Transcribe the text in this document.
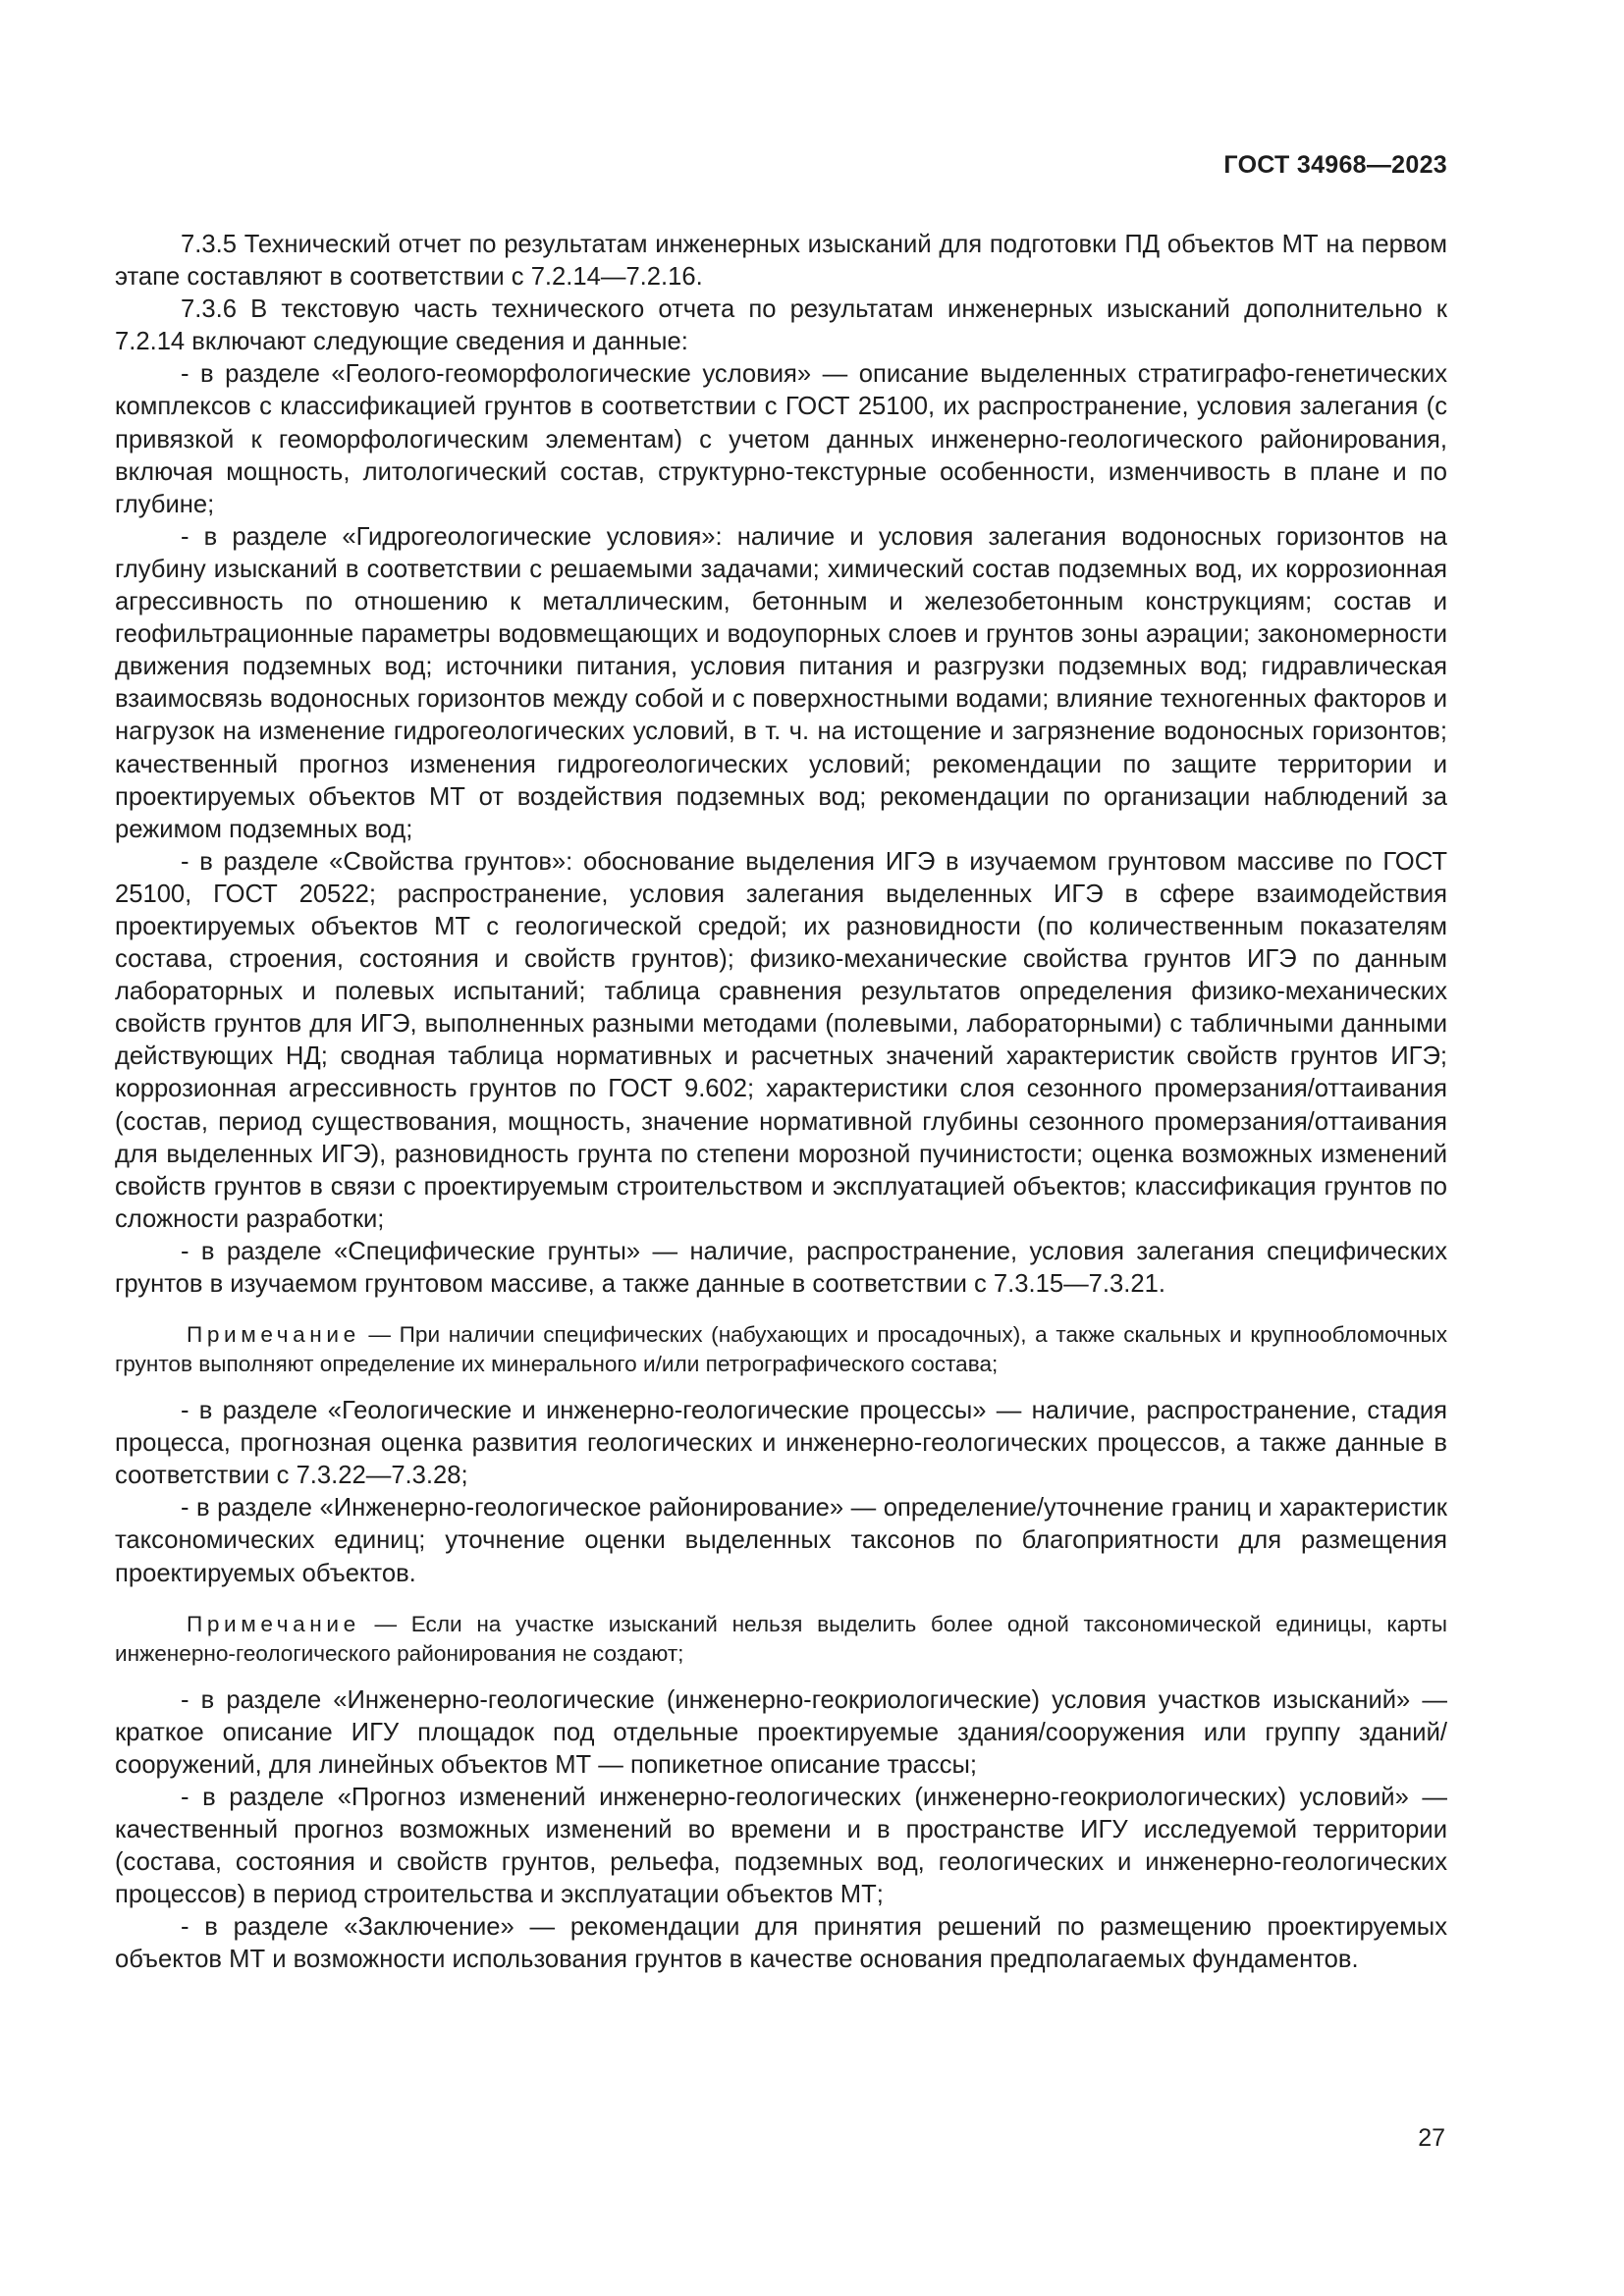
ГОСТ 34968—2023

7.3.5 Технический отчет по результатам инженерных изысканий для подготовки ПД объектов МТ на первом этапе составляют в соответствии с 7.2.14—7.2.16.

7.3.6 В текстовую часть технического отчета по результатам инженерных изысканий дополнительно к 7.2.14 включают следующие сведения и данные:

- в разделе «Геолого-геоморфологические условия» — описание выделенных стратиграфо-генетических комплексов с классификацией грунтов в соответствии с ГОСТ 25100, их распространение, условия залегания (с привязкой к геоморфологическим элементам) с учетом данных инженерно-геологического районирования, включая мощность, литологический состав, структурно-текстурные особенности, изменчивость в плане и по глубине;

- в разделе «Гидрогеологические условия»: наличие и условия залегания водоносных горизонтов на глубину изысканий в соответствии с решаемыми задачами; химический состав подземных вод, их коррозионная агрессивность по отношению к металлическим, бетонным и железобетонным конструкциям; состав и геофильтрационные параметры водовмещающих и водоупорных слоев и грунтов зоны аэрации; закономерности движения подземных вод; источники питания, условия питания и разгрузки подземных вод; гидравлическая взаимосвязь водоносных горизонтов между собой и с поверхностными водами; влияние техногенных факторов и нагрузок на изменение гидрогеологических условий, в т. ч. на истощение и загрязнение водоносных горизонтов; качественный прогноз изменения гидрогеологических условий; рекомендации по защите территории и проектируемых объектов МТ от воздействия подземных вод; рекомендации по организации наблюдений за режимом подземных вод;

- в разделе «Свойства грунтов»: обоснование выделения ИГЭ в изучаемом грунтовом массиве по ГОСТ 25100, ГОСТ 20522; распространение, условия залегания выделенных ИГЭ в сфере взаимодействия проектируемых объектов МТ с геологической средой; их разновидности (по количественным показателям состава, строения, состояния и свойств грунтов); физико-механические свойства грунтов ИГЭ по данным лабораторных и полевых испытаний; таблица сравнения результатов определения физико-механических свойств грунтов для ИГЭ, выполненных разными методами (полевыми, лабораторными) с табличными данными действующих НД; сводная таблица нормативных и расчетных значений характеристик свойств грунтов ИГЭ; коррозионная агрессивность грунтов по ГОСТ 9.602; характеристики слоя сезонного промерзания/оттаивания (состав, период существования, мощность, значение нормативной глубины сезонного промерзания/оттаивания для выделенных ИГЭ), разновидность грунта по степени морозной пучинистости; оценка возможных изменений свойств грунтов в связи с проектируемым строительством и эксплуатацией объектов; классификация грунтов по сложности разработки;

- в разделе «Специфические грунты» — наличие, распространение, условия залегания специфических грунтов в изучаемом грунтовом массиве, а также данные в соответствии с 7.3.15—7.3.21.

Примечание — При наличии специфических (набухающих и просадочных), а также скальных и крупнообломочных грунтов выполняют определение их минерального и/или петрографического состава;

- в разделе «Геологические и инженерно-геологические процессы» — наличие, распространение, стадия процесса, прогнозная оценка развития геологических и инженерно-геологических процессов, а также данные в соответствии с 7.3.22—7.3.28;

- в разделе «Инженерно-геологическое районирование» — определение/уточнение границ и характеристик таксономических единиц; уточнение оценки выделенных таксонов по благоприятности для размещения проектируемых объектов.

Примечание — Если на участке изысканий нельзя выделить более одной таксономической единицы, карты инженерно-геологического районирования не создают;

- в разделе «Инженерно-геологические (инженерно-геокриологические) условия участков изысканий» — краткое описание ИГУ площадок под отдельные проектируемые здания/сооружения или группу зданий/сооружений, для линейных объектов МТ — попикетное описание трассы;

- в разделе «Прогноз изменений инженерно-геологических (инженерно-геокриологических) условий» — качественный прогноз возможных изменений во времени и в пространстве ИГУ исследуемой территории (состава, состояния и свойств грунтов, рельефа, подземных вод, геологических и инженерно-геологических процессов) в период строительства и эксплуатации объектов МТ;

- в разделе «Заключение» — рекомендации для принятия решений по размещению проектируемых объектов МТ и возможности использования грунтов в качестве основания предполагаемых фундаментов.

27
